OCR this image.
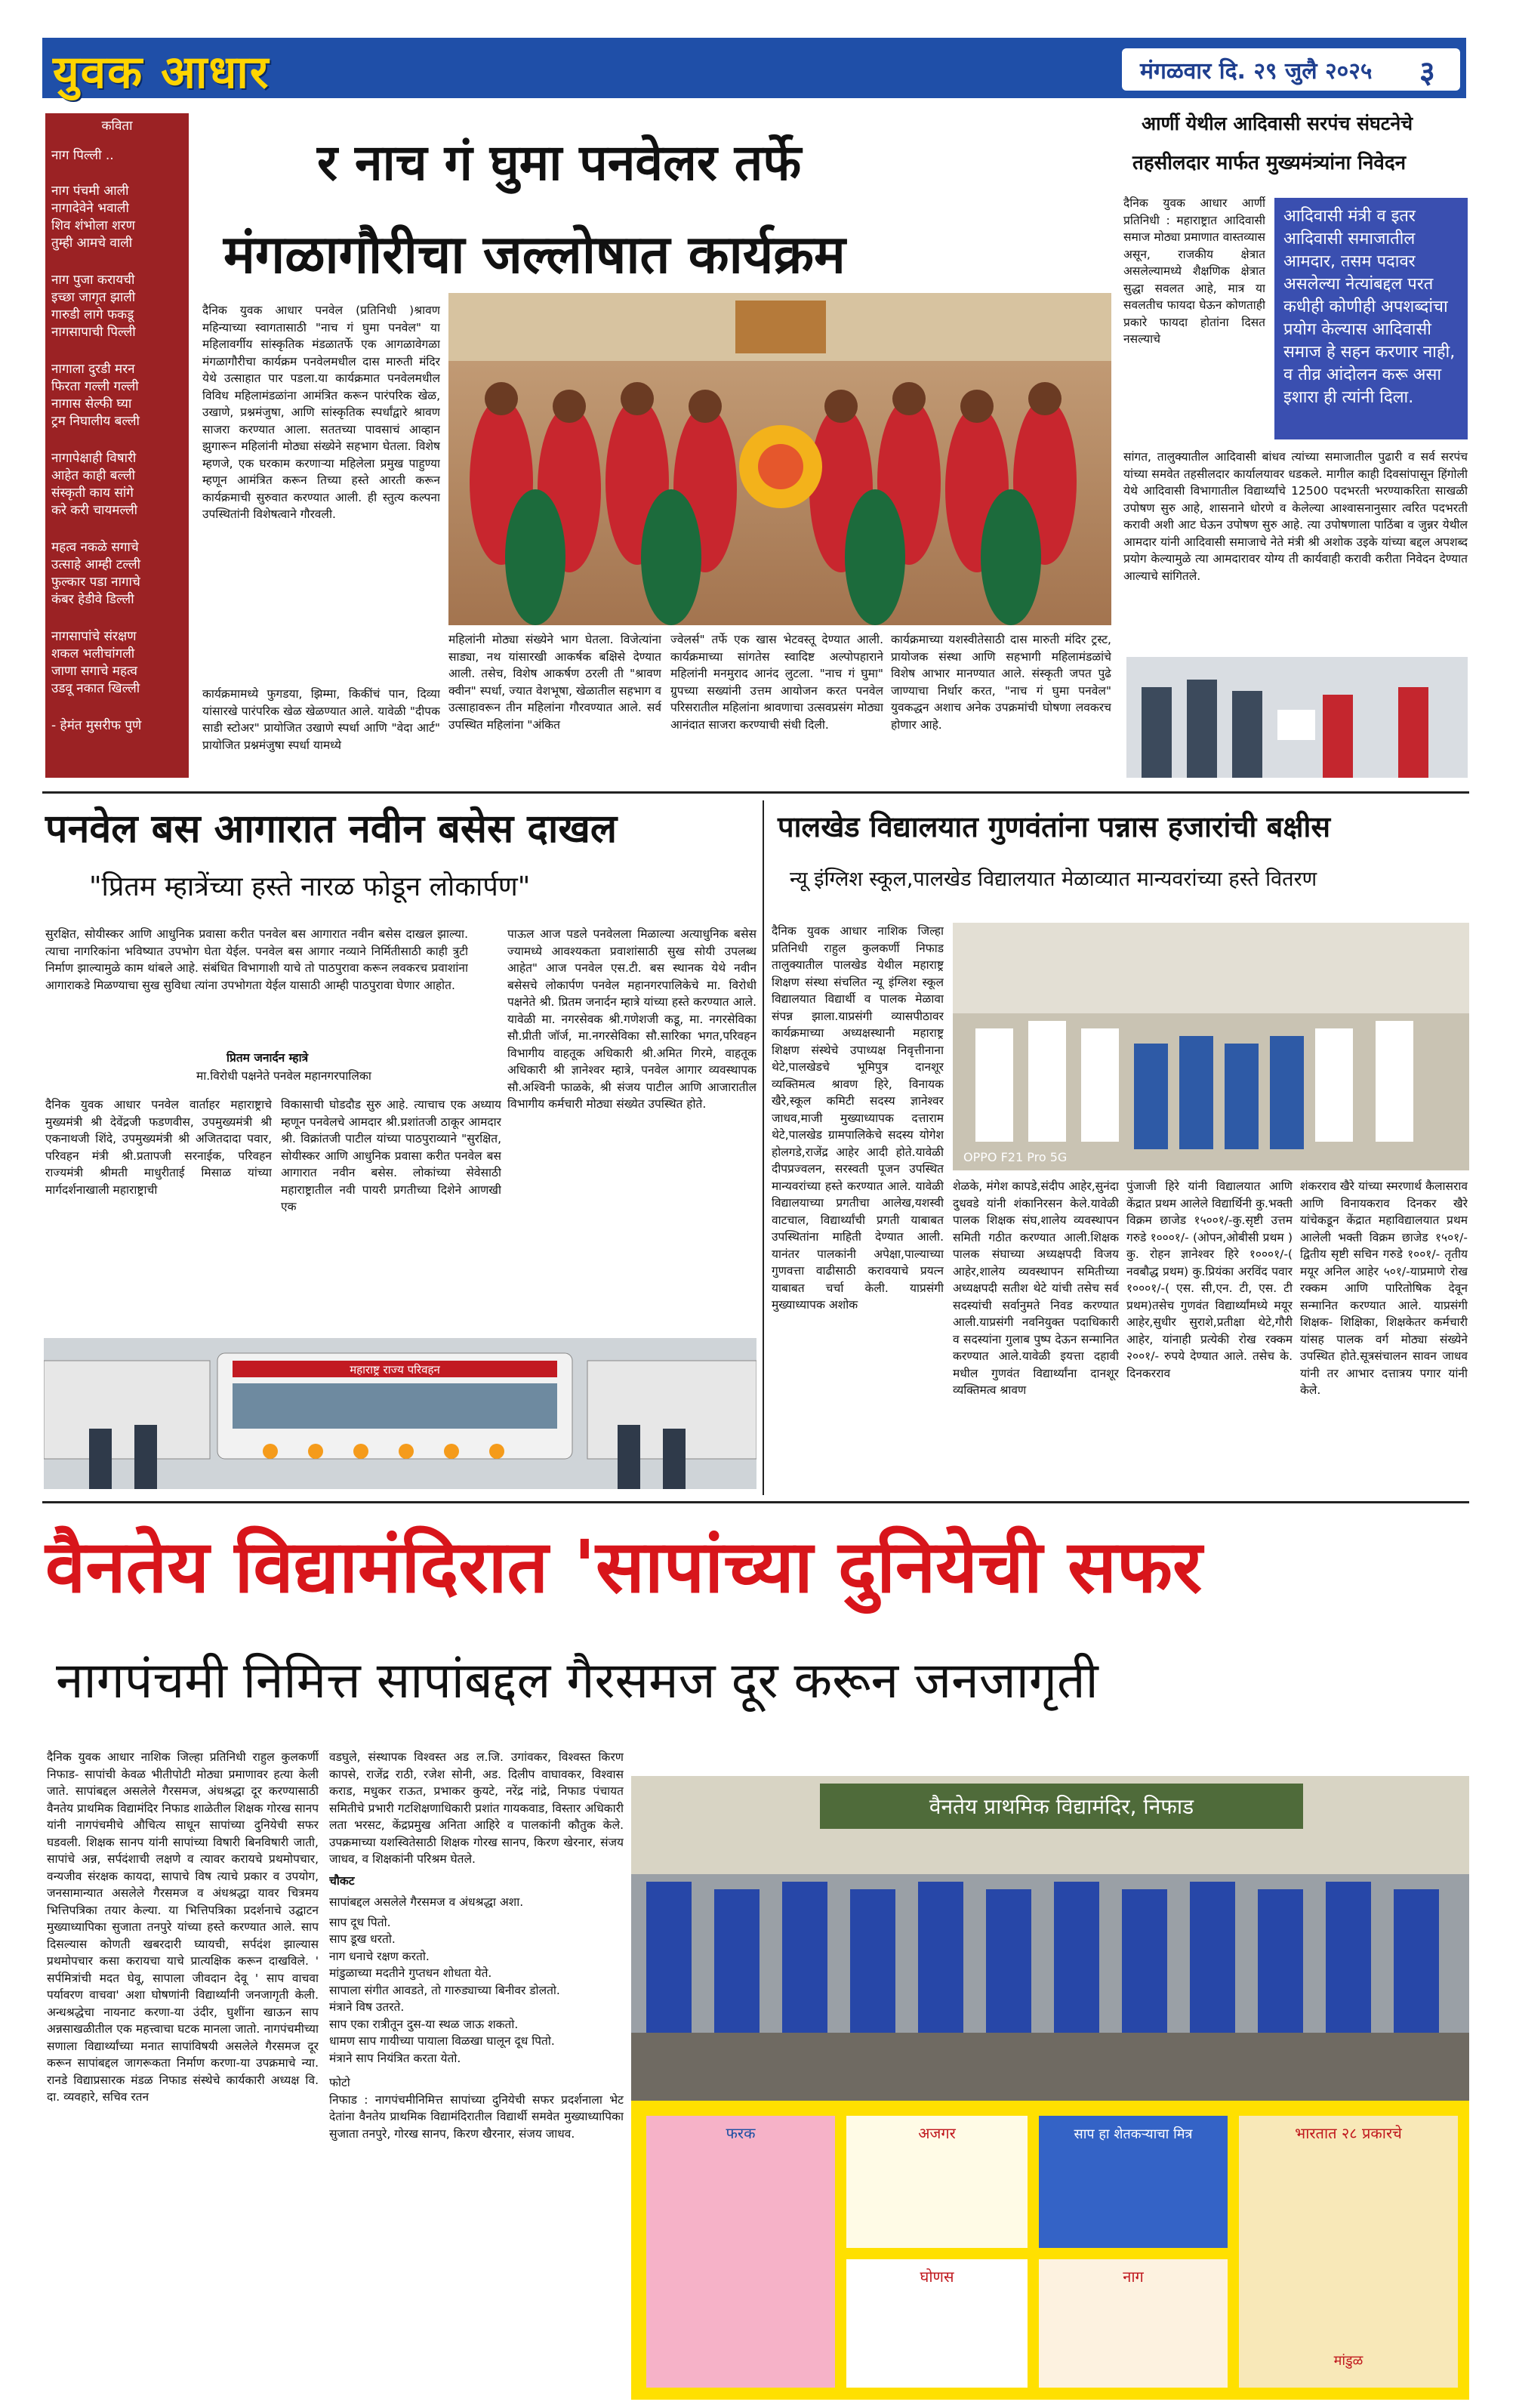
युवक आधार	मंगळवार दि. २९ जुलै २०२५ ३
कविता
नाग पिल्ली ..
नाग पंचमी आली
नागादेवेने भवाली
शिव शंभोला शरण
तुम्ही आमचे वाली
नाग पुजा करायची
इच्छा जागृत झाली
गारुडी लागे फकडू
नागसापाची पिल्ली
नागाला दुरडी मरन
फिरता गल्ली गल्ली
नागास सेल्फी घ्या
ट्रम निघालीय बल्ली
नागापेक्षाही विषारी
आहेत काही बल्ली
संस्कृती काय सांगे
करे करी चायमल्ली
महत्व नकळे सगाचे
उत्साहे आम्ही टल्ली
फुल्कार पडा नागाचे
कंबर हेडीवे डिल्ली
नागसापांचे संरक्षण
शकल भलीचांगली
जाणा सगाचे महत्व
उडवू नकात खिल्ली
- हेमंत मुसरीफ पुणे
र नाच गं घुमा पनवेलर तर्फे
मंगळागौरीचा जल्लोषात कार्यक्रम
दैनिक युवक आधार पनवेल (प्रतिनिधी )श्रावण महिन्याच्या स्वागतासाठी "नाच गं घुमा पनवेल" या महिलावर्गीय सांस्कृतिक मंडळातर्फे एक आगळावेगळा मंगळागौरीचा कार्यक्रम पनवेलमधील दास मारुती मंदिर येथे उत्साहात पार पडला.या कार्यक्रमात पनवेलमधील विविध महिलामंडळांना आमंत्रित करून पारंपरिक खेळ, उखाणे, प्रश्नमंजुषा, आणि सांस्कृतिक स्पर्धांद्वारे श्रावण साजरा करण्यात आला. सततच्या पावसाचं आव्हान झुगारून महिलांनी मोठ्या संख्येने सहभाग घेतला. विशेष म्हणजे, एक घरकाम करणाऱ्या महिलेला प्रमुख पाहुण्या म्हणून आमंत्रित करून तिच्या हस्ते आरती करून कार्यक्रमाची सुरुवात करण्यात आली. ही स्तुत्य कल्पना उपस्थितांनी विशेषत्वाने गौरवली.
कार्यक्रमामध्ये फुगडया, झिम्मा, किकींचं पान, दिव्या यांसारखे पारंपरिक खेळ खेळण्यात आले. यावेळी "दीपक साडी स्टोअर" प्रायोजित उखाणे स्पर्धा आणि "वेदा आर्ट" प्रायोजित प्रश्नमंजुषा स्पर्धा यामध्ये
महिलांनी मोठ्या संख्येने भाग घेतला. विजेत्यांना साड्या, नथ यांसारखी आकर्षक बक्षिसे देण्यात आली. तसेच, विशेष आकर्षण ठरली ती "श्रावण क्वीन" स्पर्धा, ज्यात वेशभूषा, खेळातील सहभाग व उत्साहावरून तीन महिलांना गौरवण्यात आले. सर्व उपस्थित महिलांना "अंकित
ज्वेलर्स" तर्फे एक खास भेटवस्तू देण्यात आली. कार्यक्रमाच्या सांगतेस स्वादिष्ट अल्पोपहाराने महिलांनी मनमुराद आनंद लुटला. "नाच गं घुमा" ग्रुपच्या सख्यांनी उत्तम आयोजन करत पनवेल परिसरातील महिलांना श्रावणाचा उत्सवप्रसंग मोठ्या आनंदात साजरा करण्याची संधी दिली.
कार्यक्रमाच्या यशस्वीतेसाठी दास मारुती मंदिर ट्रस्ट, प्रायोजक संस्था आणि सहभागी महिलामंडळांचे विशेष आभार मानण्यात आले. संस्कृती जपत पुढे जाण्याचा निर्धार करत, "नाच गं घुमा पनवेल" युवकद्धन अशाच अनेक उपक्रमांची घोषणा लवकरच होणार आहे.
आर्णी येथील आदिवासी सरपंच संघटनेचे
तहसीलदार मार्फत मुख्यमंत्र्यांना निवेदन
दैनिक युवक आधार आर्णी प्रतिनिधी : महाराष्ट्रात आदिवासी समाज मोठ्या प्रमाणात वास्तव्यास असून, राजकीय क्षेत्रात असलेल्यामध्ये शैक्षणिक क्षेत्रात सुद्धा सवलत आहे, मात्र या सवलतीच फायदा घेऊन कोणताही प्रकारे फायदा होतांना दिसत नसल्याचे
आदिवासी मंत्री व इतर आदिवासी समाजातील आमदार, तसम पदावर असलेल्या नेत्यांबद्दल परत कधीही कोणीही अपशब्दांचा प्रयोग केल्यास आदिवासी समाज हे सहन करणार नाही, व तीव्र आंदोलन करू असा इशारा ही त्यांनी दिला.
सांगत, तालुक्यातील आदिवासी बांधव त्यांच्या समाजातील पुढारी व सर्व सरपंच यांच्या समवेत तहसीलदार कार्यालयावर धडकले. मागील काही दिवसांपासून हिंगोली येथे आदिवासी विभागातील विद्यार्थ्यांचे 12500 पदभरती भरण्याकरिता साखळी उपोषण सुरु आहे, शासनाने धोरणे व केलेल्या आश्वासनानुसार त्वरित पदभरती करावी अशी आट घेऊन उपोषण सुरु आहे. त्या उपोषणाला पाठिंबा व जुन्नर येथील आमदार यांनी आदिवासी समाजाचे नेते मंत्री श्री अशोक उइके यांच्या बद्दल अपशब्द प्रयोग केल्यामुळे त्या आमदारावर योग्य ती कार्यवाही करावी करीता निवेदन देण्यात आल्याचे सांगितले.
पनवेल बस आगारात नवीन बसेस दाखल
"प्रितम म्हात्रेंच्या हस्ते नारळ फोडून लोकार्पण"
सुरक्षित, सोयीस्कर आणि आधुनिक प्रवासा करीत पनवेल बस आगारात नवीन बसेस दाखल झाल्या. त्याचा नागरिकांना भविष्यात उपभोग घेता येईल. पनवेल बस आगार नव्याने निर्मितीसाठी काही त्रुटी निर्माण झाल्यामुळे काम थांबले आहे. संबंधित विभागाशी याचे तो पाठपुरावा करून लवकरच प्रवाशांना आगाराकडे मिळण्याचा सुख सुविधा त्यांना उपभोगता येईल यासाठी आम्ही पाठपुरावा घेणार आहोत.
प्रितम जनार्दन म्हात्रे
मा.विरोधी पक्षनेते पनवेल महानगरपालिका
दैनिक युवक आधार पनवेल वार्ताहर महाराष्ट्राचे मुख्यमंत्री श्री देवेंद्रजी फडणवीस, उपमुख्यमंत्री श्री एकनाथजी शिंदे, उपमुख्यमंत्री श्री अजितदादा पवार, परिवहन मंत्री श्री.प्रतापजी सरनाईक, परिवहन राज्यमंत्री श्रीमती माधुरीताई मिसाळ यांच्या मार्गदर्शनाखाली महाराष्ट्राची
विकासाची घोडदौड सुरु आहे. त्याचाच एक अध्याय म्हणून पनवेलचे आमदार श्री.प्रशांतजी ठाकूर आमदार श्री. विक्रांतजी पाटील यांच्या पाठपुराव्याने "सुरक्षित, सोयीस्कर आणि आधुनिक प्रवासा करीत पनवेल बस आगारात नवीन बसेस. लोकांच्या सेवेसाठी महाराष्ट्रातील नवी पायरी प्रगतीच्या दिशेने आणखी एक
पाऊल आज पडले पनवेलला मिळाल्या अत्याधुनिक बसेस ज्यामध्ये आवश्यकता प्रवाशांसाठी सुख सोयी उपलब्ध आहेत" आज पनवेल एस.टी. बस स्थानक येथे नवीन बसेसचे लोकार्पण पनवेल महानगरपालिकेचे मा. विरोधी पक्षनेते श्री. प्रितम जनार्दन म्हात्रे यांच्या हस्ते करण्यात आले. यावेळी मा. नगरसेवक श्री.गणेशजी कडू, मा. नगरसेविका सौ.प्रीती जॉर्ज, मा.नगरसेविका सौ.सारिका भगत,परिवहन विभागीय वाहतूक अधिकारी श्री.अमित गिरमे, वाहतूक अधिकारी श्री ज्ञानेश्वर म्हात्रे, पनवेल आगार व्यवस्थापक सौ.अश्विनी फाळके, श्री संजय पाटील आणि आजारातील विभागीय कर्मचारी मोठ्या संख्येत उपस्थित होते.
महाराष्ट्र राज्य परिवहन
पालखेड विद्यालयात गुणवंतांना पन्नास हजारांची बक्षीस
न्यू इंग्लिश स्कूल,पालखेड विद्यालयात मेळाव्यात मान्यवरांच्या हस्ते वितरण
दैनिक युवक आधार नाशिक जिल्हा प्रतिनिधी राहुल कुलकर्णी निफाड तालुक्यातील पालखेड येथील महाराष्ट्र शिक्षण संस्था संचलित न्यू इंग्लिश स्कूल विद्यालयात विद्यार्थी व पालक मेळावा संपन्न झाला.याप्रसंगी व्यासपीठावर कार्यक्रमाच्या अध्यक्षस्थानी महाराष्ट्र शिक्षण संस्थेचे उपाध्यक्ष निवृत्तीनाना थेटे,पालखेडचे भूमिपुत्र दानशूर व्यक्तिमत्व श्रावण हिरे, विनायक खैरे,स्कूल कमिटी सदस्य ज्ञानेश्वर जाधव,माजी मुख्याध्यापक दत्ताराम थेटे,पालखेड ग्रामपालिकेचे सदस्य योगेश होलगडे,राजेंद्र आहेर आदी होते.यावेळी दीपप्रज्वलन, सरस्वती पूजन उपस्थित मान्यवरांच्या हस्ते करण्यात आले. यावेळी विद्यालयाच्या प्रगतीचा आलेख,यशस्वी वाटचाल, विद्यार्थ्यांची प्रगती याबाबत उपस्थितांना माहिती देण्यात आली. यानंतर पालकांनी अपेक्षा,पाल्याच्या गुणवत्ता वाढीसाठी करावयाचे प्रयत्न याबाबत चर्चा केली. याप्रसंगी मुख्याध्यापक अशोक
OPPO F21 Pro 5G
शेळके, मंगेश कापडे,संदीप आहेर,सुनंदा दुधवडे यांनी शंकानिरसन केले.यावेळी पालक शिक्षक संघ,शालेय व्यवस्थापन समिती गठीत करण्यात आली.शिक्षक पालक संघाच्या अध्यक्षपदी विजय आहेर,शालेय व्यवस्थापन समितीच्या अध्यक्षपदी सतीश थेटे यांची तसेच सर्व सदस्यांची सर्वानुमते निवड करण्यात आली.याप्रसंगी नवनियुक्त पदाधिकारी व सदस्यांना गुलाब पुष्प देऊन सन्मानित करण्यात आले.यावेळी इयत्ता दहावी मधील गुणवंत विद्यार्थ्यांना दानशूर व्यक्तिमत्व श्रावण
पुंजाजी हिरे यांनी विद्यालयात आणि केंद्रात प्रथम आलेले विद्यार्थिनी कु.भक्ती विक्रम छाजेड १५००१/-कु.सृष्टी उत्तम गरुडे १०००१/- (ओपन,ओबीसी प्रथम ) कु. रोहन ज्ञानेश्वर हिरे १०००१/-( नवबौद्ध प्रथम) कु.प्रियंका अरविंद पवार १०००१/-( एस. सी,एन. टी, एस. टी प्रथम)तसेच गुणवंत विद्यार्थ्यांमध्ये मयूर आहेर,सुधीर सुराशे,प्रतीक्षा थेटे,गौरी आहेर, यांनाही प्रत्येकी रोख रक्कम २००१/- रुपये देण्यात आले. तसेच के. दिनकरराव
शंकरराव खैरे यांच्या स्मरणार्थ कैलासराव आणि विनायकराव दिनकर खैरे यांचेकडून केंद्रात महाविद्यालयात प्रथम आलेली भक्ती विक्रम छाजेड १५०१/- द्वितीय सृष्टी सचिन गरुडे १००१/- तृतीय मयूर अनिल आहेर ५०१/-याप्रमाणे रोख रक्कम आणि पारितोषिक देवून सन्मानित करण्यात आले. याप्रसंगी शिक्षक- शिक्षिका, शिक्षकेतर कर्मचारी यांसह पालक वर्ग मोठ्या संख्येने उपस्थित होते.सूत्रसंचालन सावन जाधव यांनी तर आभार दत्तात्रय पगार यांनी केले.
वैनतेय विद्यामंदिरात 'सापांच्या दुनियेची सफर
नागपंचमी निमित्त सापांबद्दल गैरसमज दूर करून जनजागृती
दैनिक युवक आधार नाशिक जिल्हा प्रतिनिधी राहुल कुलकर्णी निफाड- सापांची केवळ भीतीपोटी मोठ्या प्रमाणावर हत्या केली जाते. सापांबद्दल असलेले गैरसमज, अंधश्रद्धा दूर करण्यासाठी वैनतेय प्राथमिक विद्यामंदिर निफाड शाळेतील शिक्षक गोरख सानप यांनी नागपंचमीचे औचित्य साधून सापांच्या दुनियेची सफर घडवली. शिक्षक सानप यांनी सापांच्या विषारी बिनविषारी जाती, सापांचे अन्न, सर्पदंशाची लक्षणे व त्यावर करायचे प्रथमोपचार, वन्यजीव संरक्षक कायदा, सापाचे विष त्याचे प्रकार व उपयोग, जनसामान्यात असलेले गैरसमज व अंधश्रद्धा यावर चित्रमय भित्तिपत्रिका तयार केल्या. या भित्तिपत्रिका प्रदर्शनाचे उद्घाटन मुख्याध्यापिका सुजाता तनपुरे यांच्या हस्ते करण्यात आले. साप दिसल्यास कोणती खबरदारी घ्यायची, सर्पदंश झाल्यास प्रथमोपचार कसा करायचा याचे प्रात्यक्षिक करून दाखविले. ' सर्पमित्रांची मदत घेवू, सापाला जीवदान देवू ' साप वाचवा पर्यावरण वाचवा' अशा घोषणांनी विद्यार्थ्यांनी जनजागृती केली. अन्धश्रद्धेचा नायनाट करणा-या उंदीर, घुशींना खाऊन साप अन्नसाखळीतील एक महत्त्वाचा घटक मानला जातो. नागपंचमीच्या सणाला विद्यार्थ्यांच्या मनात सापांविषयी असलेले गैरसमज दूर करून सापांबद्दल जागरूकता निर्माण करणा-या उपक्रमाचे न्या. रानडे विद्याप्रसारक मंडळ निफाड संस्थेचे कार्यकारी अध्यक्ष वि. दा. व्यवहारे, सचिव रतन
वडघुले, संस्थापक विश्वस्त अड ल.जि. उगांवकर, विश्वस्त किरण कापसे, राजेंद्र राठी, रजेश सोनी, अड. दिलीप वाघावकर, विश्वास कराड, मधुकर राऊत, प्रभाकर कुयटे, नरेंद्र नांद्रे, निफाड पंचायत समितीचे प्रभारी गटशिक्षणाधिकारी प्रशांत गायकवाड, विस्तार अधिकारी लता भरसट, केंद्रप्रमुख अनिता आहिरे व पालकांनी कौतुक केले. उपक्रमाच्या यशस्वितेसाठी शिक्षक गोरख सानप, किरण खेरनार, संजय जाधव, व शिक्षकांनी परिश्रम घेतले.
चौकट
सापांबद्दल असलेले गैरसमज व अंधश्रद्धा अशा.
साप दूध पितो.
साप डूख धरतो.
नाग धनाचे रक्षण करतो.
मांडुळाच्या मदतीने गुप्तधन शोधता येते.
सापाला संगीत आवडते, तो गारुड्याच्या बिनीवर डोलतो.
मंत्राने विष उतरते.
साप एका रात्रीतून दुस-या स्थळ जाऊ शकतो.
धामण साप गायीच्या पायाला विळखा घालून दूध पितो.
मंत्राने साप नियंत्रित करता येतो.
फोटो
निफाड : नागपंचमीनिमित्त सापांच्या दुनियेची सफर प्रदर्शनाला भेट देतांना वैनतेय प्राथमिक विद्यामंदिरातील विद्यार्थी समवेत मुख्याध्यापिका सुजाता तनपुरे, गोरख सानप, किरण खैरनार, संजय जाधव.
वैनतेय प्राथमिक विद्यामंदिर, निफाड
फरक	अजगर	साप हा शेतकऱ्याचा मित्र
घोणस	नाग
भारतात २८ प्रकारचे
मांडुळ
